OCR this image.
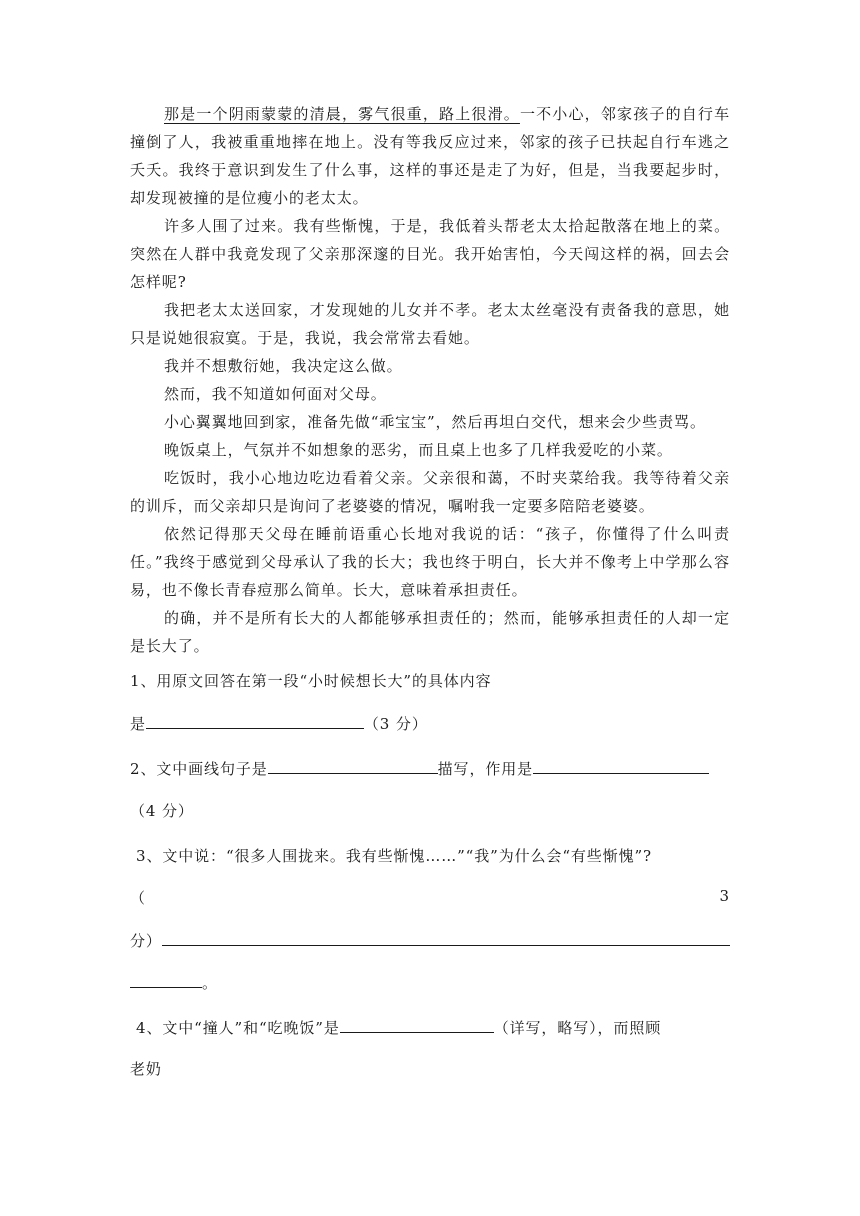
那是一个阴雨蒙蒙的清晨，雾气很重，路上很滑。一不小心，邻家孩子的自行车撞倒了人，我被重重地摔在地上。没有等我反应过来，邻家的孩子已扶起自行车逃之夭夭。我终于意识到发生了什么事，这样的事还是走了为好，但是，当我要起步时，却发现被撞的是位瘦小的老太太。

许多人围了过来。我有些惭愧，于是，我低着头帮老太太拾起散落在地上的菜。突然在人群中我竟发现了父亲那深邃的目光。我开始害怕，今天闯这样的祸，回去会怎样呢?

我把老太太送回家，才发现她的儿女并不孝。老太太丝毫没有责备我的意思，她只是说她很寂寞。于是，我说，我会常常去看她。

我并不想敷衍她，我决定这么做。

然而，我不知道如何面对父母。

小心翼翼地回到家，准备先做“乖宝宝”，然后再坦白交代，想来会少些责骂。

晚饭桌上，气氛并不如想象的恶劣，而且桌上也多了几样我爱吃的小菜。

吃饭时，我小心地边吃边看着父亲。父亲很和蔼，不时夹菜给我。我等待着父亲的训斥，而父亲却只是询问了老婆婆的情况，嘱咐我一定要多陪陪老婆婆。

依然记得那天父母在睡前语重心长地对我说的话：“孩子，你懂得了什么叫责任。”我终于感觉到父母承认了我的长大；我也终于明白，长大并不像考上中学那么容易，也不像长青春痘那么简单。长大，意味着承担责任。

的确，并不是所有长大的人都能够承担责任的；然而，能够承担责任的人却一定是长大了。

1、用原文回答在第一段“小时候想长大”的具体内容
是	（3 分）
2、文中画线句子是	描写，作用是
（4 分）
3、文中说：“很多人围拢来。我有些惭愧……”“我”为什么会“有些惭愧”?
（	3
分）
。
4、文中“撞人”和“吃晚饭”是	（详写，略写），而照顾
老奶
